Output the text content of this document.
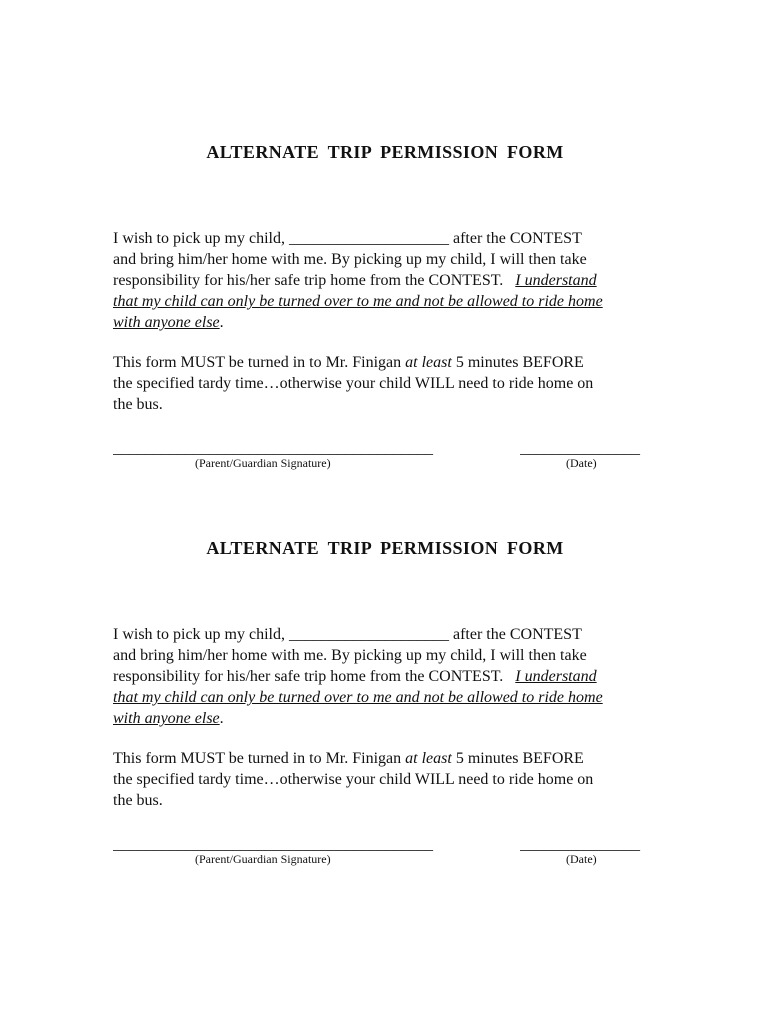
ALTERNATE TRIP PERMISSION FORM

I wish to pick up my child, ____________________ after the CONTEST
and bring him/her home with me. By picking up my child, I will then take
responsibility for his/her safe trip home from the CONTEST.   I understand
that my child can only be turned over to me and not be allowed to ride home
with anyone else.

This form MUST be turned in to Mr. Finigan at least 5 minutes BEFORE
the specified tardy time…otherwise your child WILL need to ride home on
the bus.

________________________________________	_______________
(Parent/Guardian Signature)	(Date)
ALTERNATE TRIP PERMISSION FORM

I wish to pick up my child, ____________________ after the CONTEST
and bring him/her home with me. By picking up my child, I will then take
responsibility for his/her safe trip home from the CONTEST.   I understand
that my child can only be turned over to me and not be allowed to ride home
with anyone else.

This form MUST be turned in to Mr. Finigan at least 5 minutes BEFORE
the specified tardy time…otherwise your child WILL need to ride home on
the bus.

________________________________________	_______________
(Parent/Guardian Signature)	(Date)
